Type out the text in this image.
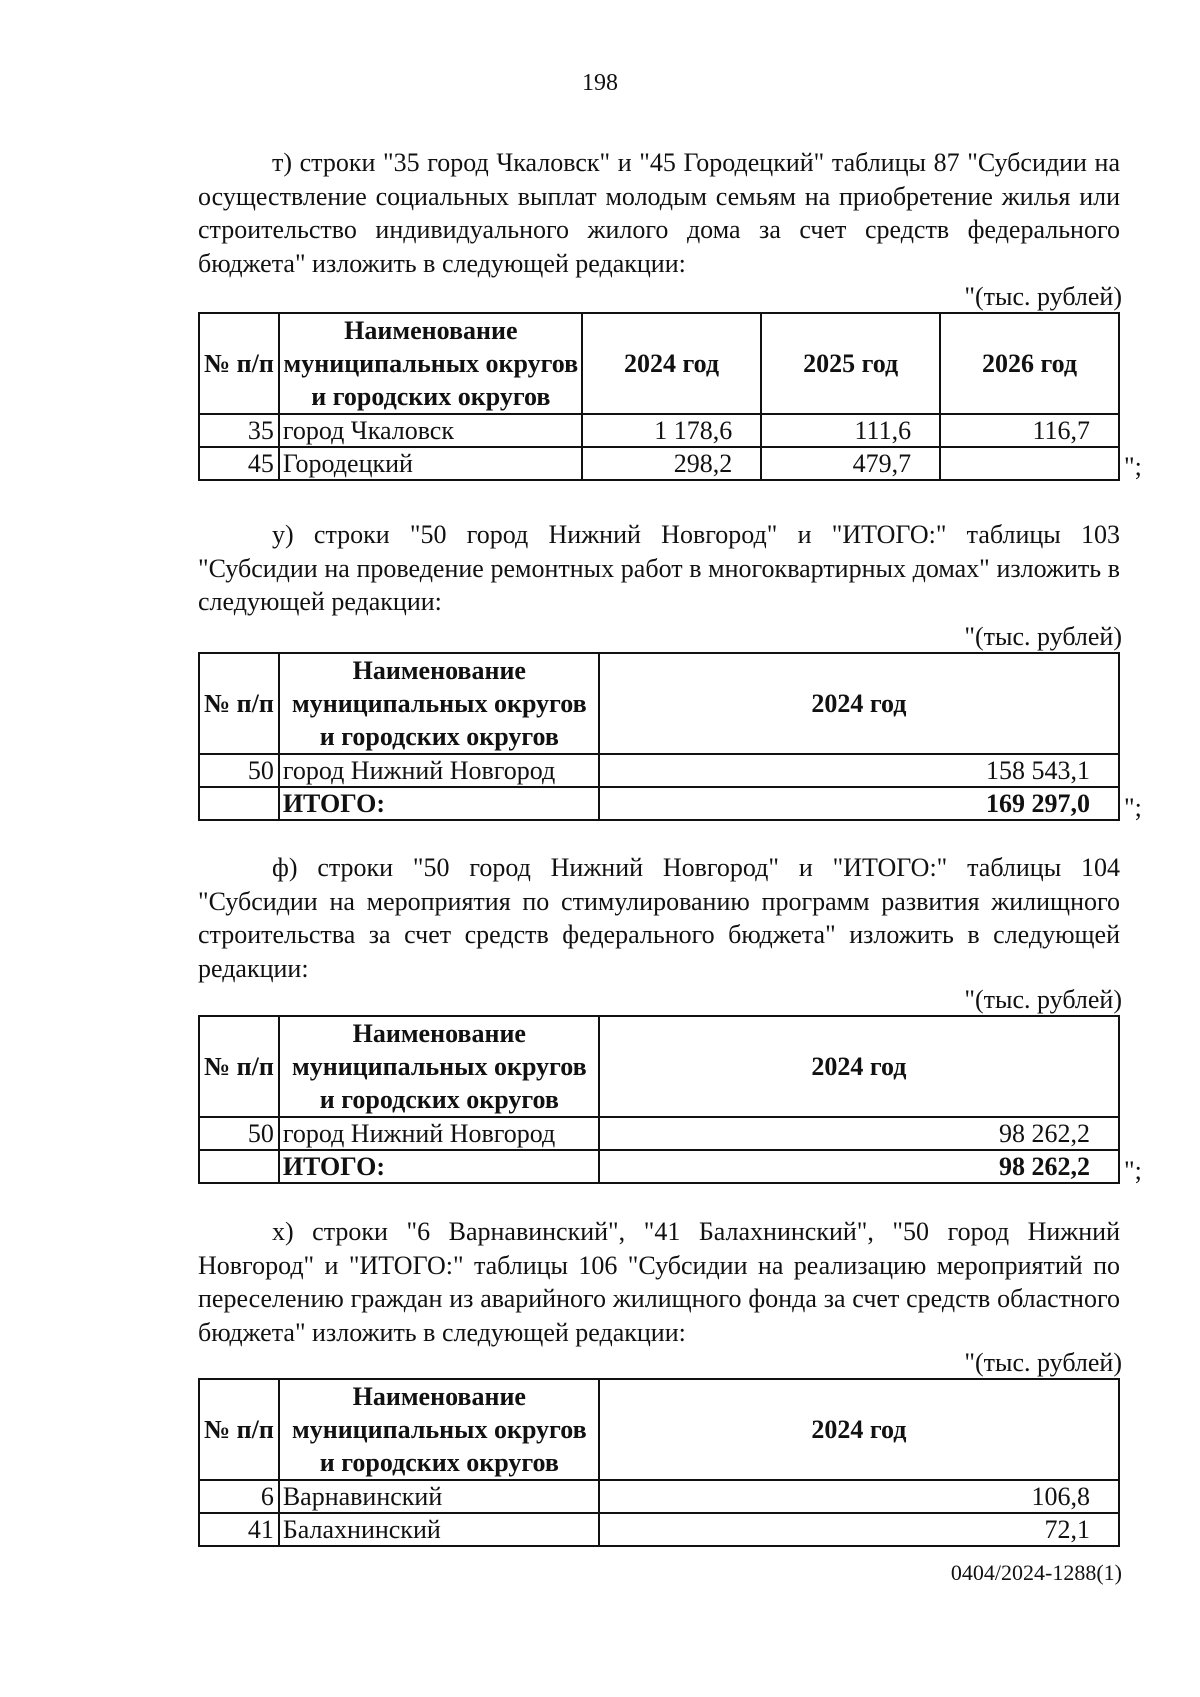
198

т) строки "35 город Чкаловск" и "45 Городецкий" таблицы 87 "Субсидии на осуществление социальных выплат молодым семьям на приобретение жилья или строительство индивидуального жилого дома за счет средств федерального бюджета" изложить в следующей редакции:

"(тыс. рублей)
№ п/п	Наименование муниципальных округов и городских округов	2024 год	2025 год	2026 год
35	город Чкаловск	1 178,6	111,6	116,7
45	Городецкий	298,2	479,7		";

у) строки "50 город Нижний Новгород" и "ИТОГО:" таблицы 103 "Субсидии на проведение ремонтных работ в многоквартирных домах" изложить в следующей редакции:

"(тыс. рублей)
№ п/п	Наименование муниципальных округов и городских округов	2024 год
50	город Нижний Новгород	158 543,1
	ИТОГО:	169 297,0 ";

ф) строки "50 город Нижний Новгород" и "ИТОГО:" таблицы 104 "Субсидии на мероприятия по стимулированию программ развития жилищного строительства за счет средств федерального бюджета" изложить в следующей редакции:

"(тыс. рублей)
№ п/п	Наименование муниципальных округов и городских округов	2024 год
50	город Нижний Новгород	98 262,2
	ИТОГО:	98 262,2 ";

х) строки "6 Варнавинский", "41 Балахнинский", "50 город Нижний Новгород" и "ИТОГО:" таблицы 106 "Субсидии на реализацию мероприятий по переселению граждан из аварийного жилищного фонда за счет средств областного бюджета" изложить в следующей редакции:

"(тыс. рублей)
№ п/п	Наименование муниципальных округов и городских округов	2024 год
6	Варнавинский	106,8
41	Балахнинский	72,1
0404/2024-1288(1)
